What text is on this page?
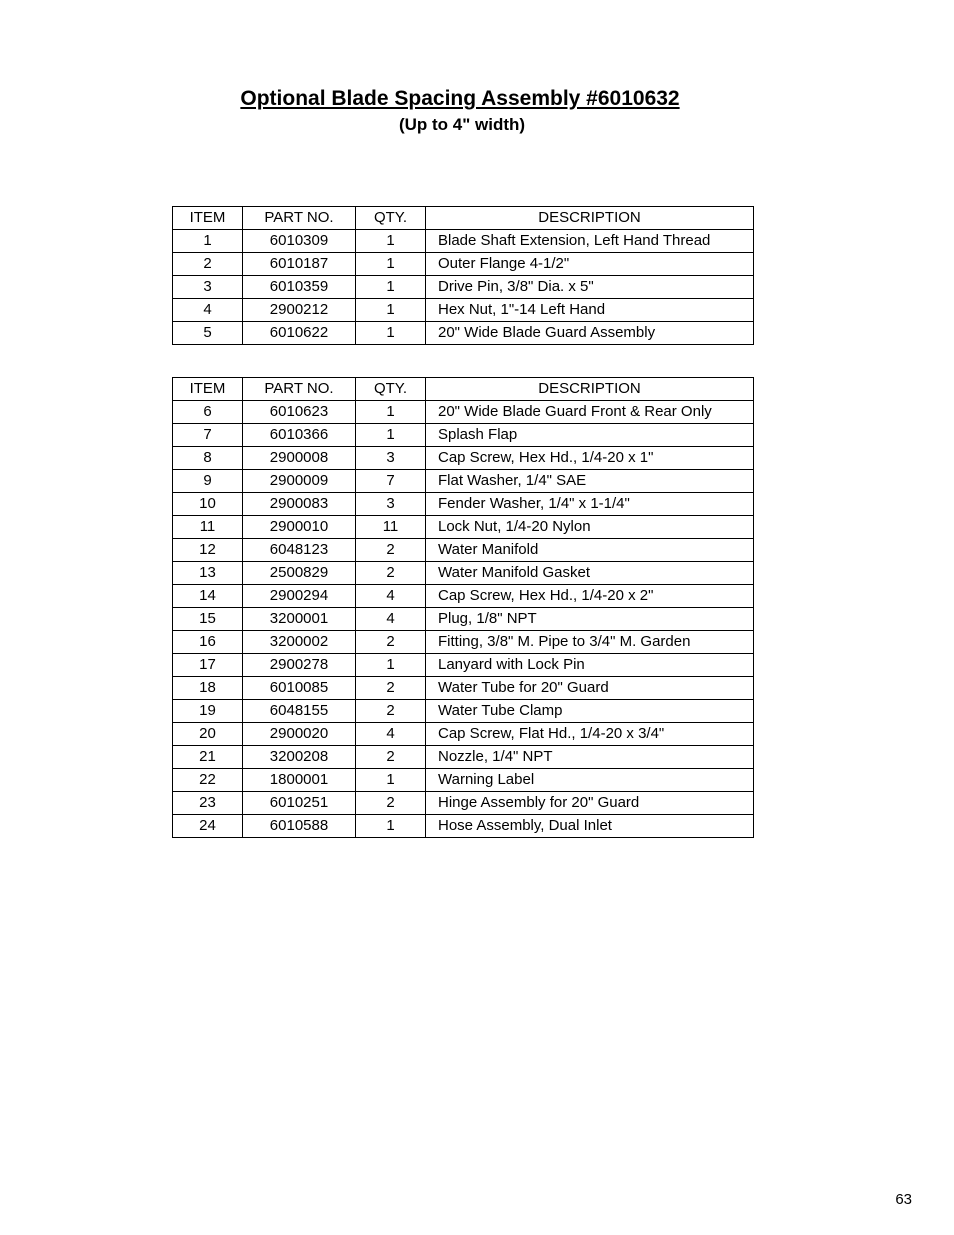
Optional Blade Spacing Assembly #6010632
(Up to 4" width)
ITEM	PART NO.	QTY.	DESCRIPTION
1	6010309	1	Blade Shaft Extension, Left Hand Thread
2	6010187	1	Outer Flange 4-1/2"
3	6010359	1	Drive Pin, 3/8" Dia. x 5"
4	2900212	1	Hex Nut, 1"-14 Left Hand
5	6010622	1	20" Wide Blade Guard Assembly
ITEM	PART NO.	QTY.	DESCRIPTION
6	6010623	1	20" Wide Blade Guard Front & Rear Only
7	6010366	1	Splash Flap
8	2900008	3	Cap Screw, Hex Hd., 1/4-20 x 1"
9	2900009	7	Flat Washer, 1/4" SAE
10	2900083	3	Fender Washer, 1/4" x 1-1/4"
11	2900010	11	Lock Nut, 1/4-20 Nylon
12	6048123	2	Water Manifold
13	2500829	2	Water Manifold Gasket
14	2900294	4	Cap Screw, Hex Hd., 1/4-20 x 2"
15	3200001	4	Plug, 1/8" NPT
16	3200002	2	Fitting, 3/8" M. Pipe to 3/4" M. Garden
17	2900278	1	Lanyard with Lock Pin
18	6010085	2	Water Tube for 20" Guard
19	6048155	2	Water Tube Clamp
20	2900020	4	Cap Screw, Flat Hd., 1/4-20 x 3/4"
21	3200208	2	Nozzle, 1/4" NPT
22	1800001	1	Warning Label
23	6010251	2	Hinge Assembly for 20" Guard
24	6010588	1	Hose Assembly, Dual Inlet
63
